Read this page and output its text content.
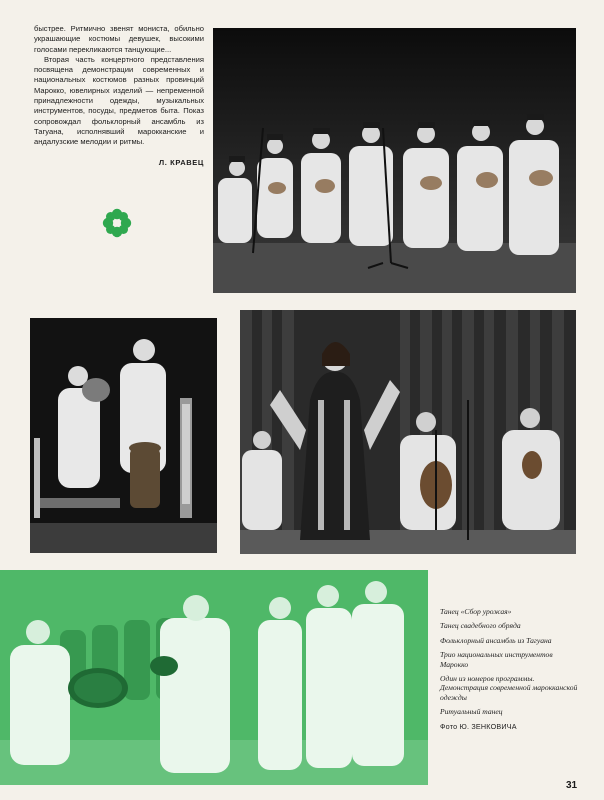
быстрее. Ритмично звенят мониста, обильно украшающие костюмы девушек, высокими голосами перекликаются танцующие...

Вторая часть концертного представления посвящена демонстрации современных и национальных костюмов разных провинций Марокко, ювелирных изделий — непременной принадлежности одежды, музыкальных инструментов, посуды, предметов быта. Показ сопровождал фольклорный ансамбль из Тагуана, исполнявший марокканские и андалузские мелодии и ритмы.

Л. КРАВЕЦ

Танец «Сбор урожая»

Танец свадебного обряда

Фольклорный ансамбль из Тагуана

Трио национальных инструментов Марокко

Один из номеров программы. Демонстрация современной марокканской одежды

Ритуальный танец

Фото Ю. ЗЕНКОВИЧА

31
